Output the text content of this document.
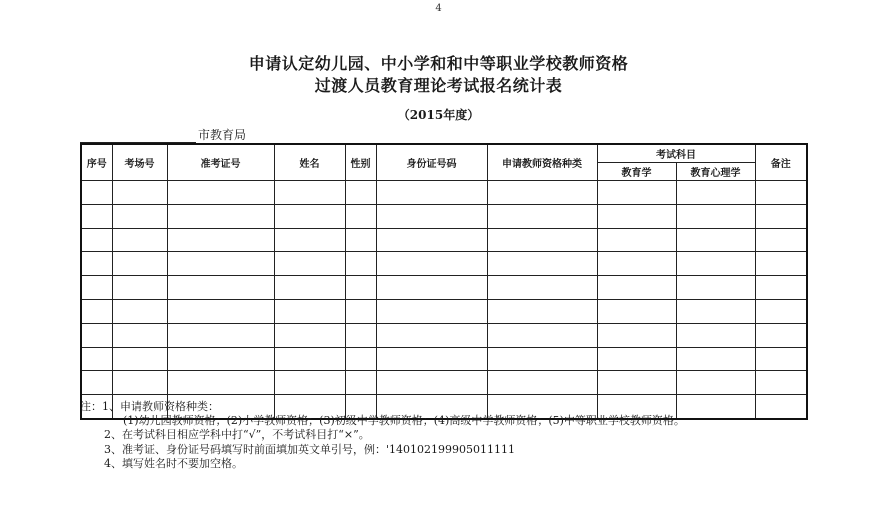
4
申请认定幼儿园、中小学和和中等职业学校教师资格
过渡人员教育理论考试报名统计表
（2015年度）
市教育局
序号	考场号	准考证号	姓名	性别	身份证号码	申请教师资格种类	考试科目		备注
							教育学	教育心理学	

注：1、申请教师资格种类：
(1)幼儿园教师资格；(2)小学教师资格；(3)初级中学教师资格；(4)高级中学教师资格；(5)中等职业学校教师资格。
2、在考试科目相应学科中打“√”，不考试科目打“×”。
3、准考证、身份证号码填写时前面填加英文单引号，例：'140102199905011111
4、填写姓名时不要加空格。
